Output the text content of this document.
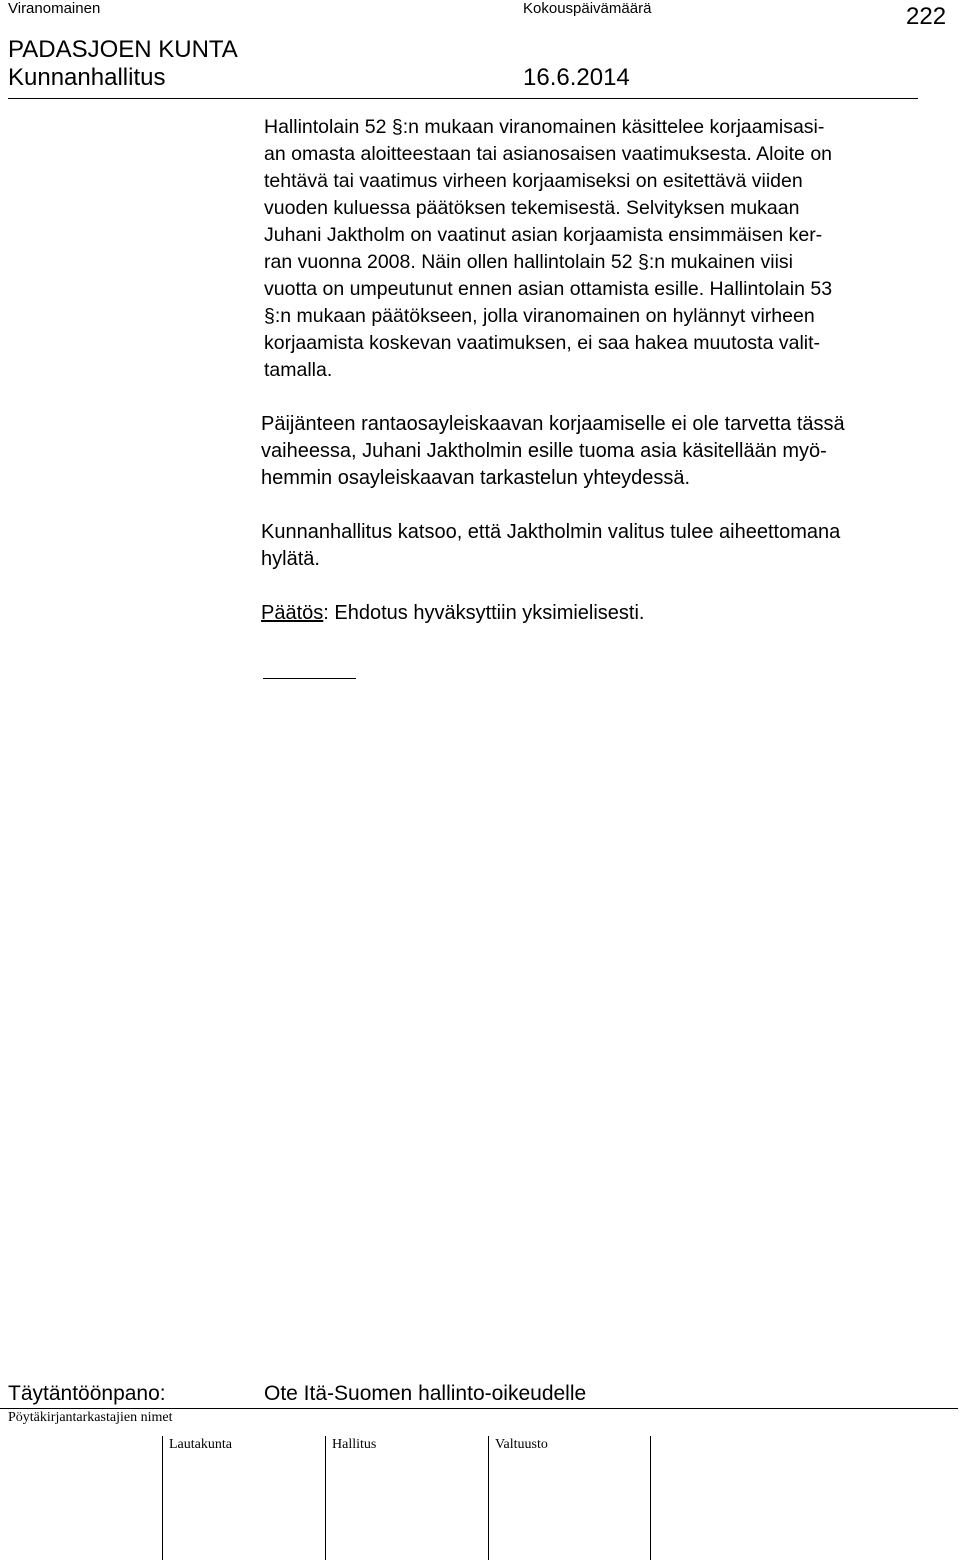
Viranomainen	Kokouspäivämäärä	222
PADASJOEN KUNTA
Kunnanhallitus	16.6.2014
Hallintolain 52 §:n mukaan viranomainen käsittelee korjaamisasi-
an omasta aloitteestaan tai asianosaisen vaatimuksesta. Aloite on
tehtävä tai vaatimus virheen korjaamiseksi on esitettävä viiden
vuoden kuluessa päätöksen tekemisestä. Selvityksen mukaan
Juhani Jaktholm on vaatinut asian korjaamista ensimmäisen ker-
ran vuonna 2008. Näin ollen hallintolain 52 §:n mukainen viisi
vuotta on umpeutunut ennen asian ottamista esille. Hallintolain 53
§:n mukaan päätökseen, jolla viranomainen on hylännyt virheen
korjaamista koskevan vaatimuksen, ei saa hakea muutosta valit-
tamalla.
Päijänteen rantaosayleiskaavan korjaamiselle ei ole tarvetta tässä
vaiheessa, Juhani Jaktholmin esille tuoma asia käsitellään myö-
hemmin osayleiskaavan tarkastelun yhteydessä.
Kunnanhallitus katsoo, että Jaktholmin valitus tulee aiheettomana
hylätä.
Päätös: Ehdotus hyväksyttiin yksimielisesti.
Täytäntöönpano:	Ote Itä-Suomen hallinto-oikeudelle
Pöytäkirjantarkastajien nimet
Lautakunta	Hallitus	Valtuusto
